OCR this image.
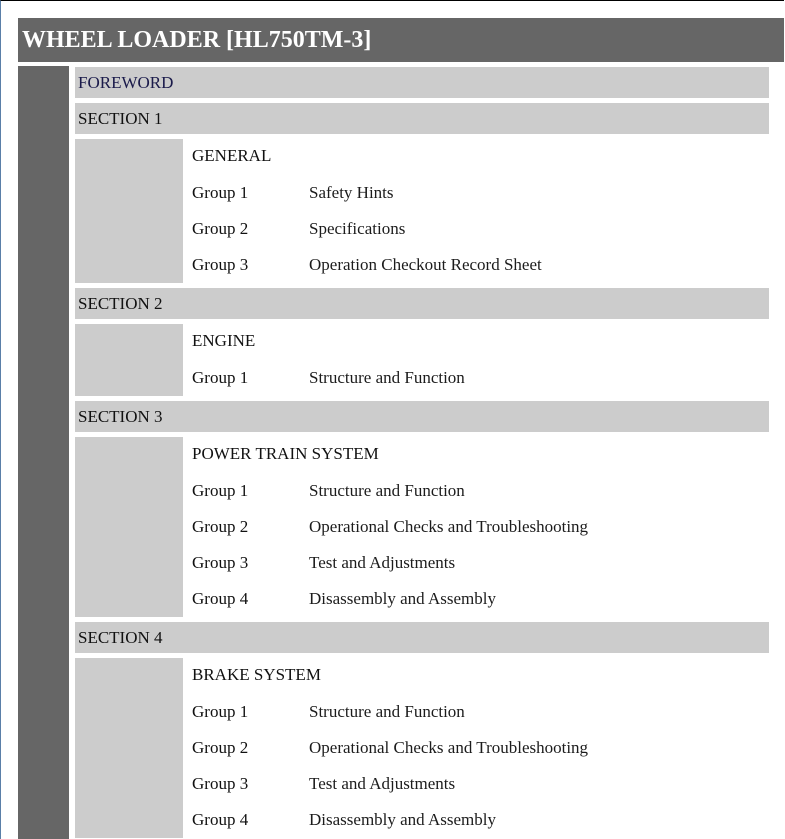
WHEEL LOADER [HL750TM-3]
FOREWORD
SECTION 1
GENERAL
Group 1	Safety Hints
Group 2	Specifications
Group 3	Operation Checkout Record Sheet
SECTION 2
ENGINE
Group 1	Structure and Function
SECTION 3
POWER TRAIN SYSTEM
Group 1	Structure and Function
Group 2	Operational Checks and Troubleshooting
Group 3	Test and Adjustments
Group 4	Disassembly and Assembly
SECTION 4
BRAKE SYSTEM
Group 1	Structure and Function
Group 2	Operational Checks and Troubleshooting
Group 3	Test and Adjustments
Group 4	Disassembly and Assembly
